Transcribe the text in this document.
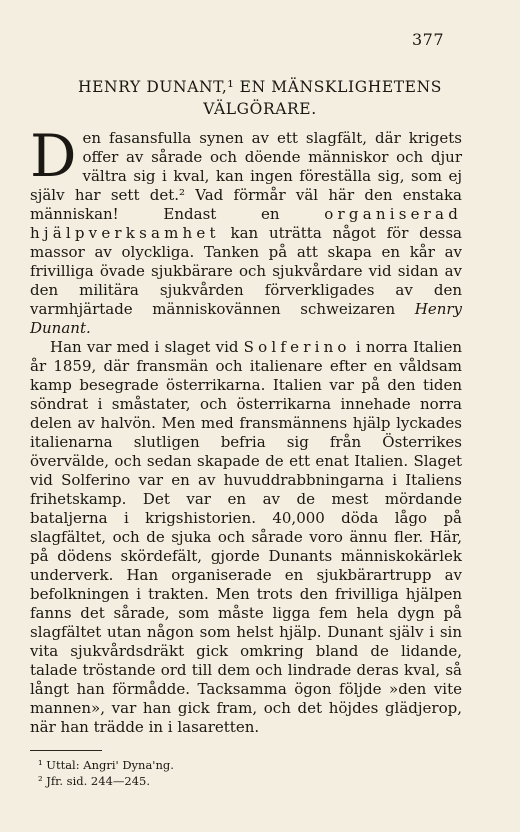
377
HENRY DUNANT,¹ EN MÄNSKLIGHETENS
VÄLGÖRARE.

Den fasansfulla synen av ett slagfält, där krigets offer av sårade och döende människor och djur vältra sig i kval, kan ingen föreställa sig, som ej själv har sett det.² Vad förmår väl här den enstaka människan! Endast en organiserad hjälpverksamhet kan uträtta något för dessa massor av olyckliga. Tanken på att skapa en kår av frivilliga övade sjukbärare och sjukvårdare vid sidan av den militära sjukvården förverkligades av den varmhjärtade människovännen schweizaren Henry Dunant.

Han var med i slaget vid Solferino i norra Italien år 1859, där fransmän och italienare efter en våldsam kamp besegrade österrikarna. Italien var på den tiden söndrat i småstater, och österrikarna innehade norra delen av halvön. Men med fransmännens hjälp lyckades italienarna slutligen befria sig från Österrikes övervälde, och sedan skapade de ett enat Italien. Slaget vid Solferino var en av huvuddrabbningarna i Italiens frihetskamp. Det var en av de mest mördande bataljerna i krigshistorien. 40,000 döda lågo på slagfältet, och de sjuka och sårade voro ännu fler. Här, på dödens skördefält, gjorde Dunants människokärlek underverk. Han organiserade en sjukbärartrupp av befolkningen i trakten. Men trots den frivilliga hjälpen fanns det sårade, som måste ligga fem hela dygn på slagfältet utan någon som helst hjälp. Dunant själv i sin vita sjukvårdsdräkt gick omkring bland de lidande, talade tröstande ord till dem och lindrade deras kval, så långt han förmådde. Tacksamma ögon följde »den vite mannen», var han gick fram, och det höjdes glädjerop, när han trädde in i lasaretten.

¹ Uttal: Angri' Dyna'ng.
² Jfr. sid. 244—245.
